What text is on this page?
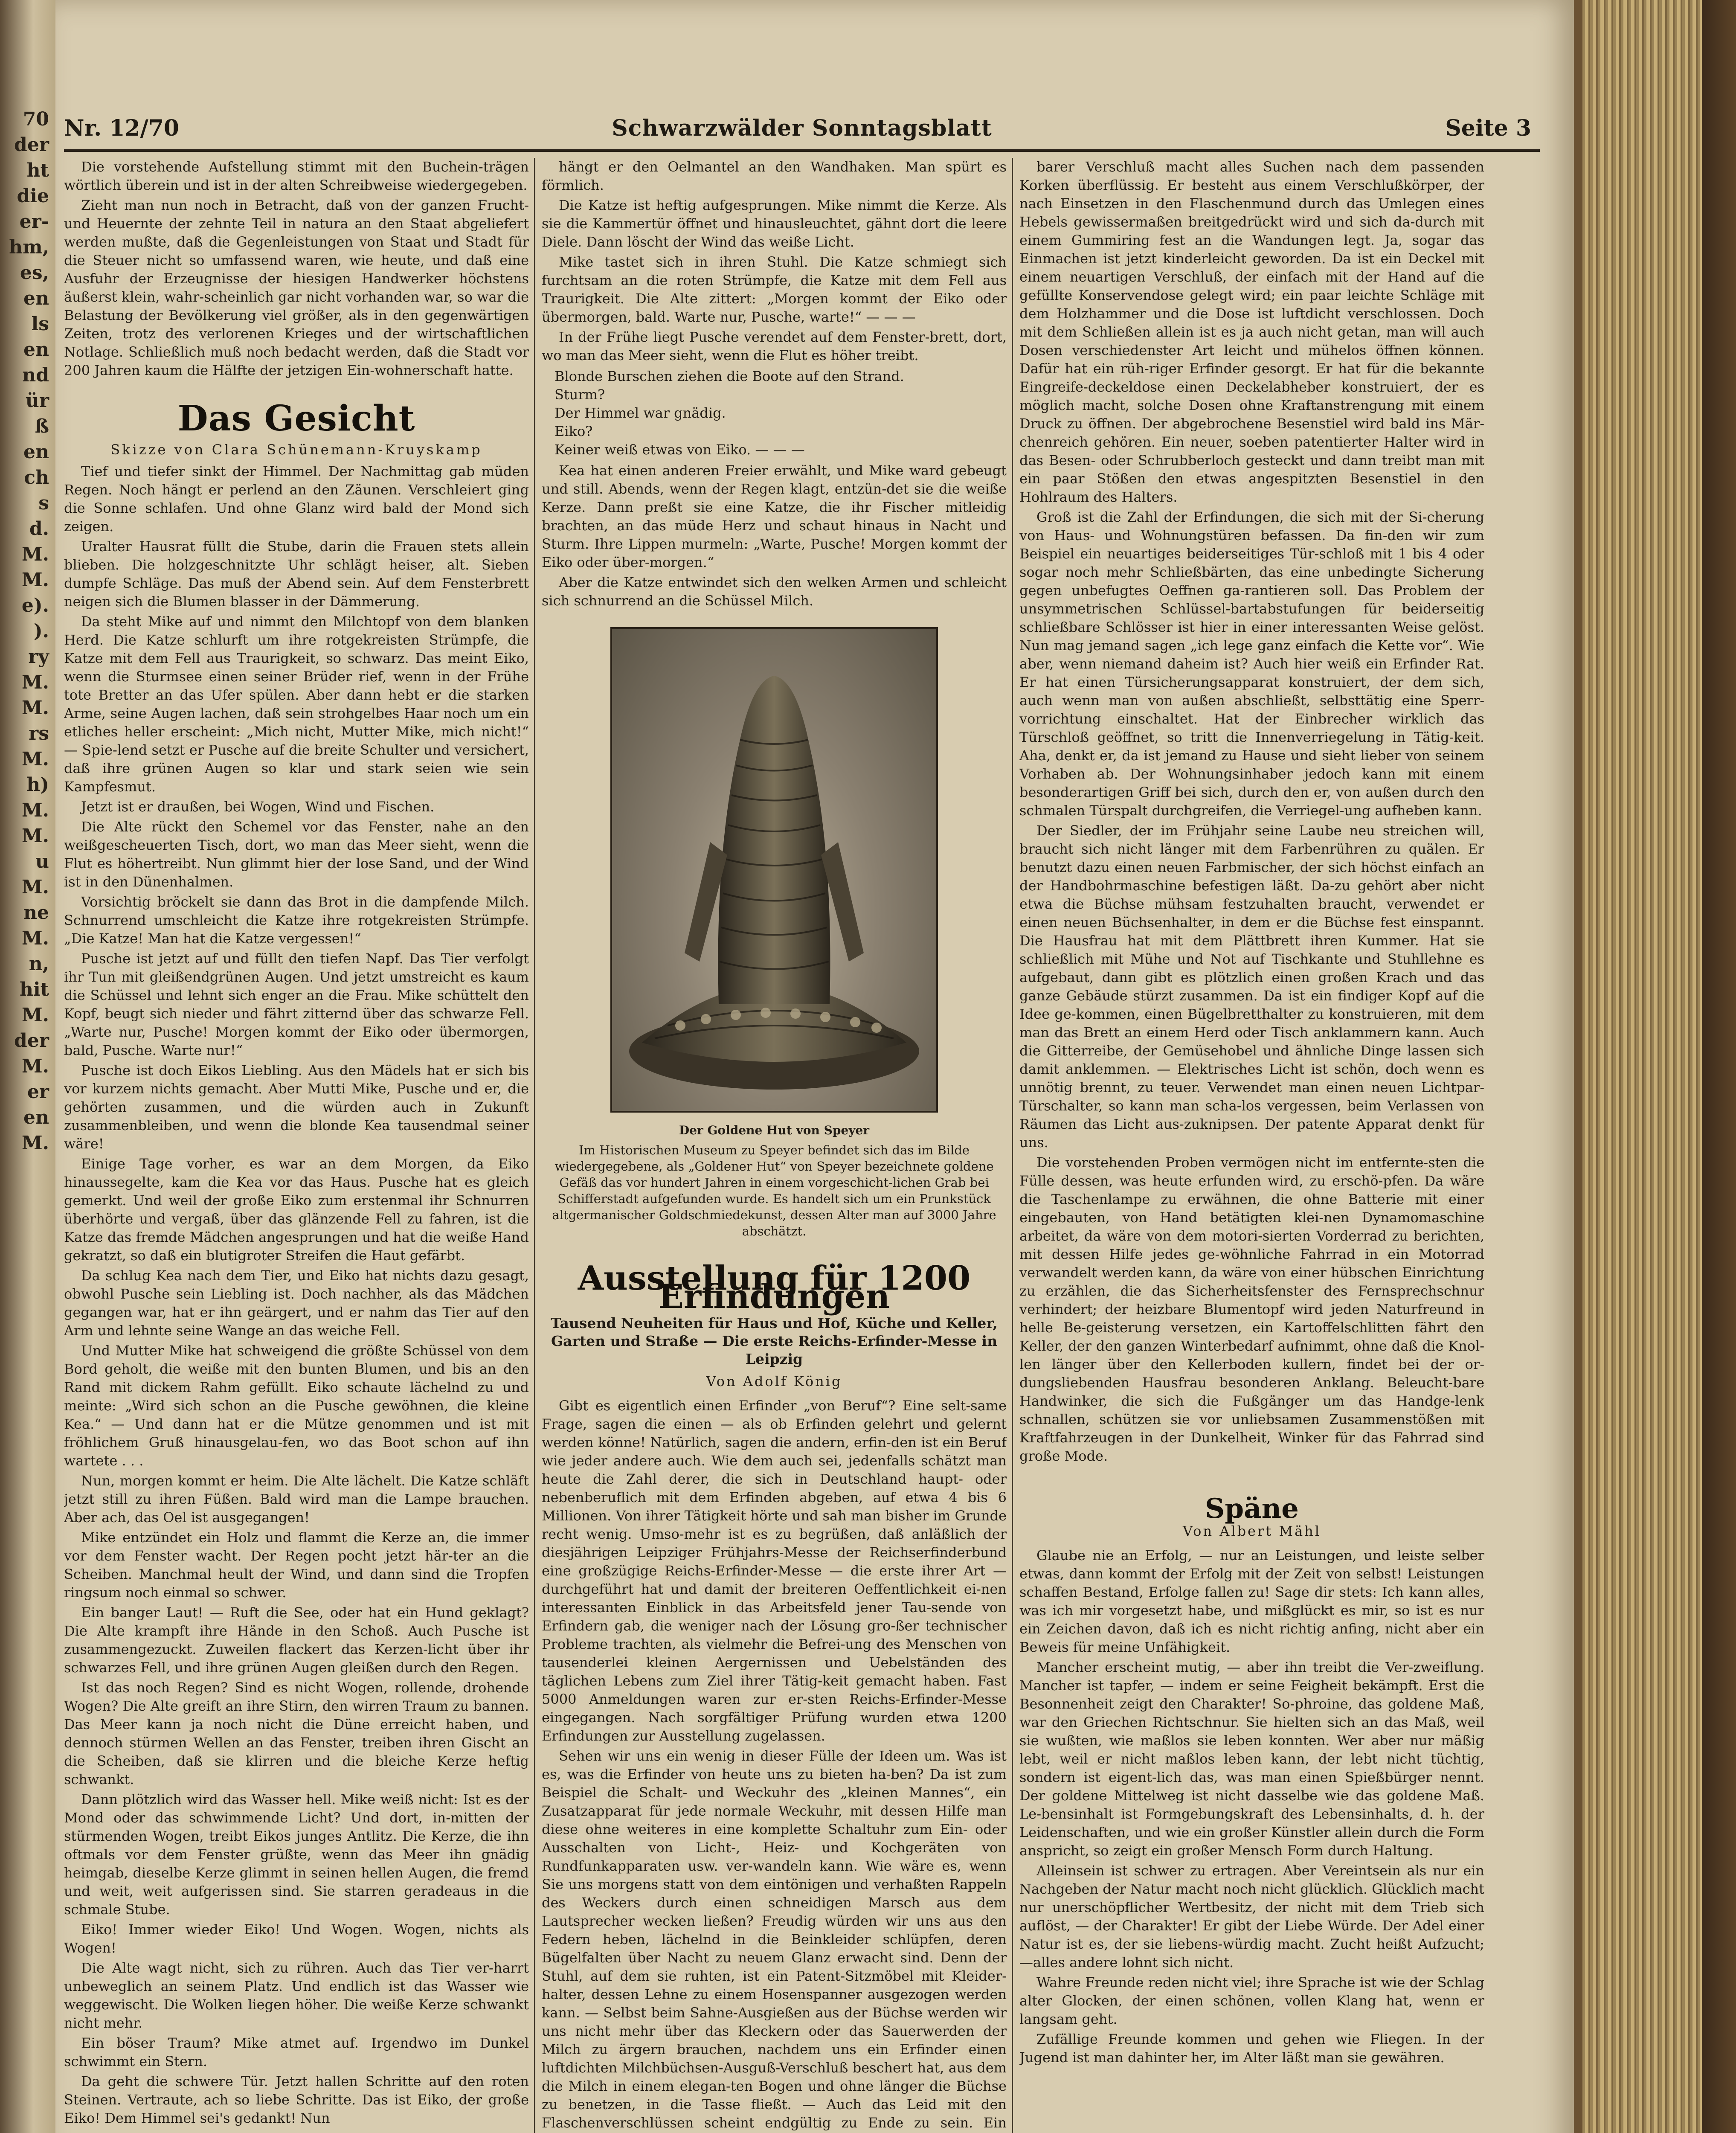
70
der
ht
die
er-
hm,
es,
en
ls
en
nd
ür
ß
en
ch
s
d.
M.
M.
e).
).
ry
M.
M.
rs
M.
h)
M.
M.
u
M.
ne
M.
n,
hit
M.
der
M.
er
en
M.
Nr. 12/70	Schwarzwälder Sonntagsblatt	Seite 3

Die vorstehende Aufstellung stimmt mit den Buchein-trägen wörtlich überein und ist in der alten Schreibweise wiedergegeben.

Zieht man nun noch in Betracht, daß von der ganzen Frucht- und Heuernte der zehnte Teil in natura an den Staat abgeliefert werden mußte, daß die Gegenleistungen von Staat und Stadt für die Steuer nicht so umfassend waren, wie heute, und daß eine Ausfuhr der Erzeugnisse der hiesigen Handwerker höchstens äußerst klein, wahr-scheinlich gar nicht vorhanden war, so war die Belastung der Bevölkerung viel größer, als in den gegenwärtigen Zeiten, trotz des verlorenen Krieges und der wirtschaftlichen Notlage. Schließlich muß noch bedacht werden, daß die Stadt vor 200 Jahren kaum die Hälfte der jetzigen Ein-wohnerschaft hatte.

Das Gesicht
Skizze von Clara Schünemann-Kruyskamp

Tief und tiefer sinkt der Himmel. Der Nachmittag gab müden Regen. Noch hängt er perlend an den Zäunen. Verschleiert ging die Sonne schlafen. Und ohne Glanz wird bald der Mond sich zeigen.

Uralter Hausrat füllt die Stube, darin die Frauen stets allein blieben. Die holzgeschnitzte Uhr schlägt heiser, alt. Sieben dumpfe Schläge. Das muß der Abend sein. Auf dem Fensterbrett neigen sich die Blumen blasser in der Dämmerung.

Da steht Mike auf und nimmt den Milchtopf von dem blanken Herd. Die Katze schlurft um ihre rotgekreisten Strümpfe, die Katze mit dem Fell aus Traurigkeit, so schwarz. Das meint Eiko, wenn die Sturmsee einen seiner Brüder rief, wenn in der Frühe tote Bretter an das Ufer spülen. Aber dann hebt er die starken Arme, seine Augen lachen, daß sein strohgelbes Haar noch um ein etliches heller erscheint: „Mich nicht, Mutter Mike, mich nicht!“ — Spie-lend setzt er Pusche auf die breite Schulter und versichert, daß ihre grünen Augen so klar und stark seien wie sein Kampfesmut.

Jetzt ist er draußen, bei Wogen, Wind und Fischen.

Die Alte rückt den Schemel vor das Fenster, nahe an den weißgescheuerten Tisch, dort, wo man das Meer sieht, wenn die Flut es höhertreibt. Nun glimmt hier der lose Sand, und der Wind ist in den Dünenhalmen.

Vorsichtig bröckelt sie dann das Brot in die dampfende Milch. Schnurrend umschleicht die Katze ihre rotgekreisten Strümpfe. „Die Katze! Man hat die Katze vergessen!“

Pusche ist jetzt auf und füllt den tiefen Napf. Das Tier verfolgt ihr Tun mit gleißendgrünen Augen. Und jetzt umstreicht es kaum die Schüssel und lehnt sich enger an die Frau. Mike schüttelt den Kopf, beugt sich nieder und fährt zitternd über das schwarze Fell. „Warte nur, Pusche! Morgen kommt der Eiko oder übermorgen, bald, Pusche. Warte nur!“

Pusche ist doch Eikos Liebling. Aus den Mädels hat er sich bis vor kurzem nichts gemacht. Aber Mutti Mike, Pusche und er, die gehörten zusammen, und die würden auch in Zukunft zusammenbleiben, und wenn die blonde Kea tausendmal seiner wäre!

Einige Tage vorher, es war an dem Morgen, da Eiko hinaussegelte, kam die Kea vor das Haus. Pusche hat es gleich gemerkt. Und weil der große Eiko zum erstenmal ihr Schnurren überhörte und vergaß, über das glänzende Fell zu fahren, ist die Katze das fremde Mädchen angesprungen und hat die weiße Hand gekratzt, so daß ein blutigroter Streifen die Haut gefärbt.

Da schlug Kea nach dem Tier, und Eiko hat nichts dazu gesagt, obwohl Pusche sein Liebling ist. Doch nachher, als das Mädchen gegangen war, hat er ihn geärgert, und er nahm das Tier auf den Arm und lehnte seine Wange an das weiche Fell.

Und Mutter Mike hat schweigend die größte Schüssel von dem Bord geholt, die weiße mit den bunten Blumen, und bis an den Rand mit dickem Rahm gefüllt. Eiko schaute lächelnd zu und meinte: „Wird sich schon an die Pusche gewöhnen, die kleine Kea.“ — Und dann hat er die Mütze genommen und ist mit fröhlichem Gruß hinausgelau-fen, wo das Boot schon auf ihn wartete . . .

Nun, morgen kommt er heim. Die Alte lächelt. Die Katze schläft jetzt still zu ihren Füßen. Bald wird man die Lampe brauchen. Aber ach, das Oel ist ausgegangen!

Mike entzündet ein Holz und flammt die Kerze an, die immer vor dem Fenster wacht. Der Regen pocht jetzt här-ter an die Scheiben. Manchmal heult der Wind, und dann sind die Tropfen ringsum noch einmal so schwer.

Ein banger Laut! — Ruft die See, oder hat ein Hund geklagt? Die Alte krampft ihre Hände in den Schoß. Auch Pusche ist zusammengezuckt. Zuweilen flackert das Kerzen-licht über ihr schwarzes Fell, und ihre grünen Augen gleißen durch den Regen.

Ist das noch Regen? Sind es nicht Wogen, rollende, drohende Wogen? Die Alte greift an ihre Stirn, den wirren Traum zu bannen. Das Meer kann ja noch nicht die Düne erreicht haben, und dennoch stürmen Wellen an das Fenster, treiben ihren Gischt an die Scheiben, daß sie klirren und die bleiche Kerze heftig schwankt.

Dann plötzlich wird das Wasser hell. Mike weiß nicht: Ist es der Mond oder das schwimmende Licht? Und dort, in-mitten der stürmenden Wogen, treibt Eikos junges Antlitz. Die Kerze, die ihn oftmals vor dem Fenster grüßte, wenn das Meer ihn gnädig heimgab, dieselbe Kerze glimmt in seinen hellen Augen, die fremd und weit, weit aufgerissen sind. Sie starren geradeaus in die schmale Stube.

Eiko! Immer wieder Eiko! Und Wogen. Wogen, nichts als Wogen!

Die Alte wagt nicht, sich zu rühren. Auch das Tier ver-harrt unbeweglich an seinem Platz. Und endlich ist das Wasser wie weggewischt. Die Wolken liegen höher. Die weiße Kerze schwankt nicht mehr.

Ein böser Traum? Mike atmet auf. Irgendwo im Dunkel schwimmt ein Stern.

Da geht die schwere Tür. Jetzt hallen Schritte auf den roten Steinen. Vertraute, ach so liebe Schritte. Das ist Eiko, der große Eiko! Dem Himmel sei's gedankt! Nun

hängt er den Oelmantel an den Wandhaken. Man spürt es förmlich.

Die Katze ist heftig aufgesprungen. Mike nimmt die Kerze. Als sie die Kammertür öffnet und hinausleuchtet, gähnt dort die leere Diele. Dann löscht der Wind das weiße Licht.

Mike tastet sich in ihren Stuhl. Die Katze schmiegt sich furchtsam an die roten Strümpfe, die Katze mit dem Fell aus Traurigkeit. Die Alte zittert: „Morgen kommt der Eiko oder übermorgen, bald. Warte nur, Pusche, warte!“ — — —

In der Frühe liegt Pusche verendet auf dem Fenster-brett, dort, wo man das Meer sieht, wenn die Flut es höher treibt.

Blonde Burschen ziehen die Boote auf den Strand.
Sturm?
Der Himmel war gnädig.
Eiko?
Keiner weiß etwas von Eiko. — — —

Kea hat einen anderen Freier erwählt, und Mike ward gebeugt und still. Abends, wenn der Regen klagt, entzün-det sie die weiße Kerze. Dann preßt sie eine Katze, die ihr Fischer mitleidig brachten, an das müde Herz und schaut hinaus in Nacht und Sturm. Ihre Lippen murmeln: „Warte, Pusche! Morgen kommt der Eiko oder über-morgen.“

Aber die Katze entwindet sich den welken Armen und schleicht sich schnurrend an die Schüssel Milch.

Der Goldene Hut von Speyer
Im Historischen Museum zu Speyer befindet sich das im Bilde wiedergegebene, als „Goldener Hut“ von Speyer bezeichnete goldene Gefäß das vor hundert Jahren in einem vorgeschicht-lichen Grab bei Schifferstadt aufgefunden wurde. Es handelt sich um ein Prunkstück altgermanischer Goldschmiedekunst, dessen Alter man auf 3000 Jahre abschätzt.
Ausstellung für 1200 Erfindungen
Tausend Neuheiten für Haus und Hof, Küche und Keller, Garten und Straße — Die erste Reichs-Erfinder-Messe in Leipzig
Von Adolf König

Gibt es eigentlich einen Erfinder „von Beruf“? Eine selt-same Frage, sagen die einen — als ob Erfinden gelehrt und gelernt werden könne! Natürlich, sagen die andern, erfin-den ist ein Beruf wie jeder andere auch. Wie dem auch sei, jedenfalls schätzt man heute die Zahl derer, die sich in Deutschland haupt- oder nebenberuflich mit dem Erfinden abgeben, auf etwa 4 bis 6 Millionen. Von ihrer Tätigkeit hörte und sah man bisher im Grunde recht wenig. Umso-mehr ist es zu begrüßen, daß anläßlich der diesjährigen Leipziger Frühjahrs-Messe der Reichserfinderbund eine großzügige Reichs-Erfinder-Messe — die erste ihrer Art — durchgeführt hat und damit der breiteren Oeffentlichkeit ei-nen interessanten Einblick in das Arbeitsfeld jener Tau-sende von Erfindern gab, die weniger nach der Lösung gro-ßer technischer Probleme trachten, als vielmehr die Befrei-ung des Menschen von tausenderlei kleinen Aergernissen und Uebelständen des täglichen Lebens zum Ziel ihrer Tätig-keit gemacht haben. Fast 5000 Anmeldungen waren zur er-sten Reichs-Erfinder-Messe eingegangen. Nach sorgfältiger Prüfung wurden etwa 1200 Erfindungen zur Ausstellung zugelassen.

Sehen wir uns ein wenig in dieser Fülle der Ideen um. Was ist es, was die Erfinder von heute uns zu bieten ha-ben? Da ist zum Beispiel die Schalt- und Weckuhr des „kleinen Mannes“, ein Zusatzapparat für jede normale Weckuhr, mit dessen Hilfe man diese ohne weiteres in eine komplette Schaltuhr zum Ein- oder Ausschalten von Licht-, Heiz- und Kochgeräten von Rundfunkapparaten usw. ver-wandeln kann. Wie wäre es, wenn Sie uns morgens statt von dem eintönigen und verhaßten Rappeln des Weckers durch einen schneidigen Marsch aus dem Lautsprecher wecken ließen? Freudig würden wir uns aus den Federn heben, lächelnd in die Beinkleider schlüpfen, deren Bügelfalten über Nacht zu neuem Glanz erwacht sind. Denn der Stuhl, auf dem sie ruhten, ist ein Patent-Sitzmöbel mit Kleider-halter, dessen Lehne zu einem Hosenspanner ausgezogen werden kann. — Selbst beim Sahne-Ausgießen aus der Büchse werden wir uns nicht mehr über das Kleckern oder das Sauerwerden der Milch zu ärgern brauchen, nachdem uns ein Erfinder einen luftdichten Milchbüchsen-Ausguß-Verschluß beschert hat, aus dem die Milch in einem elegan-ten Bogen und ohne länger die Büchse zu benetzen, in die Tasse fließt. — Auch das Leid mit den Flaschenverschlüssen scheint endgültig zu Ende zu sein. Ein

barer Verschluß macht alles Suchen nach dem passenden Korken überflüssig. Er besteht aus einem Verschlußkörper, der nach Einsetzen in den Flaschenmund durch das Umlegen eines Hebels gewissermaßen breitgedrückt wird und sich da-durch mit einem Gummiring fest an die Wandungen legt. Ja, sogar das Einmachen ist jetzt kinderleicht geworden. Da ist ein Deckel mit einem neuartigen Verschluß, der einfach mit der Hand auf die gefüllte Konservendose gelegt wird; ein paar leichte Schläge mit dem Holzhammer und die Dose ist luftdicht verschlossen. Doch mit dem Schließen allein ist es ja auch nicht getan, man will auch Dosen verschiedenster Art leicht und mühelos öffnen können. Dafür hat ein rüh-riger Erfinder gesorgt. Er hat für die bekannte Eingreife-deckeldose einen Deckelabheber konstruiert, der es möglich macht, solche Dosen ohne Kraftanstrengung mit einem Druck zu öffnen. Der abgebrochene Besenstiel wird bald ins Mär-chenreich gehören. Ein neuer, soeben patentierter Halter wird in das Besen- oder Schrubberloch gesteckt und dann treibt man mit ein paar Stößen den etwas angespitzten Besenstiel in den Hohlraum des Halters.

Groß ist die Zahl der Erfindungen, die sich mit der Si-cherung von Haus- und Wohnungstüren befassen. Da fin-den wir zum Beispiel ein neuartiges beiderseitiges Tür-schloß mit 1 bis 4 oder sogar noch mehr Schließbärten, das eine unbedingte Sicherung gegen unbefugtes Oeffnen ga-rantieren soll. Das Problem der unsymmetrischen Schlüssel-bartabstufungen für beiderseitig schließbare Schlösser ist hier in einer interessanten Weise gelöst. Nun mag jemand sagen „ich lege ganz einfach die Kette vor“. Wie aber, wenn niemand daheim ist? Auch hier weiß ein Erfinder Rat. Er hat einen Türsicherungsapparat konstruiert, der dem sich, auch wenn man von außen abschließt, selbsttätig eine Sperr-vorrichtung einschaltet. Hat der Einbrecher wirklich das Türschloß geöffnet, so tritt die Innenverriegelung in Tätig-keit. Aha, denkt er, da ist jemand zu Hause und sieht lieber von seinem Vorhaben ab. Der Wohnungsinhaber jedoch kann mit einem besonderartigen Griff bei sich, durch den er, von außen durch den schmalen Türspalt durchgreifen, die Verriegel-ung aufheben kann.

Der Siedler, der im Frühjahr seine Laube neu streichen will, braucht sich nicht länger mit dem Farbenrühren zu quälen. Er benutzt dazu einen neuen Farbmischer, der sich höchst einfach an der Handbohrmaschine befestigen läßt. Da-zu gehört aber nicht etwa die Büchse mühsam festzuhalten braucht, verwendet er einen neuen Büchsenhalter, in dem er die Büchse fest einspannt. Die Hausfrau hat mit dem Plättbrett ihren Kummer. Hat sie schließlich mit Mühe und Not auf Tischkante und Stuhllehne es aufgebaut, dann gibt es plötzlich einen großen Krach und das ganze Gebäude stürzt zusammen. Da ist ein findiger Kopf auf die Idee ge-kommen, einen Bügelbretthalter zu konstruieren, mit dem man das Brett an einem Herd oder Tisch anklammern kann. Auch die Gitterreibe, der Gemüsehobel und ähnliche Dinge lassen sich damit anklemmen. — Elektrisches Licht ist schön, doch wenn es unnötig brennt, zu teuer. Verwendet man einen neuen Lichtpar-Türschalter, so kann man scha-los vergessen, beim Verlassen von Räumen das Licht aus-zuknipsen. Der patente Apparat denkt für uns.

Die vorstehenden Proben vermögen nicht im entfernte-sten die Fülle dessen, was heute erfunden wird, zu erschö-pfen. Da wäre die Taschenlampe zu erwähnen, die ohne Batterie mit einer eingebauten, von Hand betätigten klei-nen Dynamomaschine arbeitet, da wäre von dem motori-sierten Vorderrad zu berichten, mit dessen Hilfe jedes ge-wöhnliche Fahrrad in ein Motorrad verwandelt werden kann, da wäre von einer hübschen Einrichtung zu erzählen, die das Sicherheitsfenster des Fernsprechschnur verhindert; der heizbare Blumentopf wird jeden Naturfreund in helle Be-geisterung versetzen, ein Kartoffelschlitten fährt den Keller, der den ganzen Winterbedarf aufnimmt, ohne daß die Knol-len länger über den Kellerboden kullern, findet bei der or-dungsliebenden Hausfrau besonderen Anklang. Beleucht-bare Handwinker, die sich die Fußgänger um das Handge-lenk schnallen, schützen sie vor unliebsamen Zusammenstößen mit Kraftfahrzeugen in der Dunkelheit, Winker für das Fahrrad sind große Mode.

Späne
Von Albert Mähl

Glaube nie an Erfolg, — nur an Leistungen, und leiste selber etwas, dann kommt der Erfolg mit der Zeit von selbst! Leistungen schaffen Bestand, Erfolge fallen zu! Sage dir stets: Ich kann alles, was ich mir vorgesetzt habe, und mißglückt es mir, so ist es nur ein Zeichen davon, daß ich es nicht richtig anfing, nicht aber ein Beweis für meine Unfähigkeit.

Mancher erscheint mutig, — aber ihn treibt die Ver-zweiflung. Mancher ist tapfer, — indem er seine Feigheit bekämpft. Erst die Besonnenheit zeigt den Charakter! So-phroine, das goldene Maß, war den Griechen Richtschnur. Sie hielten sich an das Maß, weil sie wußten, wie maßlos sie leben konnten. Wer aber nur mäßig lebt, weil er nicht maßlos leben kann, der lebt nicht tüchtig, sondern ist eigent-lich das, was man einen Spießbürger nennt. Der goldene Mittelweg ist nicht dasselbe wie das goldene Maß. Le-bensinhalt ist Formgebungskraft des Lebensinhalts, d. h. der Leidenschaften, und wie ein großer Künstler allein durch die Form anspricht, so zeigt ein großer Mensch Form durch Haltung.

Alleinsein ist schwer zu ertragen. Aber Vereintsein als nur ein Nachgeben der Natur macht noch nicht glücklich. Glücklich macht nur unerschöpflicher Wertbesitz, der nicht mit dem Trieb sich auflöst, — der Charakter! Er gibt der Liebe Würde. Der Adel einer Natur ist es, der sie liebens-würdig macht. Zucht heißt Aufzucht; —alles andere lohnt sich nicht.

Wahre Freunde reden nicht viel; ihre Sprache ist wie der Schlag alter Glocken, der einen schönen, vollen Klang hat, wenn er langsam geht.

Zufällige Freunde kommen und gehen wie Fliegen. In der Jugend ist man dahinter her, im Alter läßt man sie gewähren.
